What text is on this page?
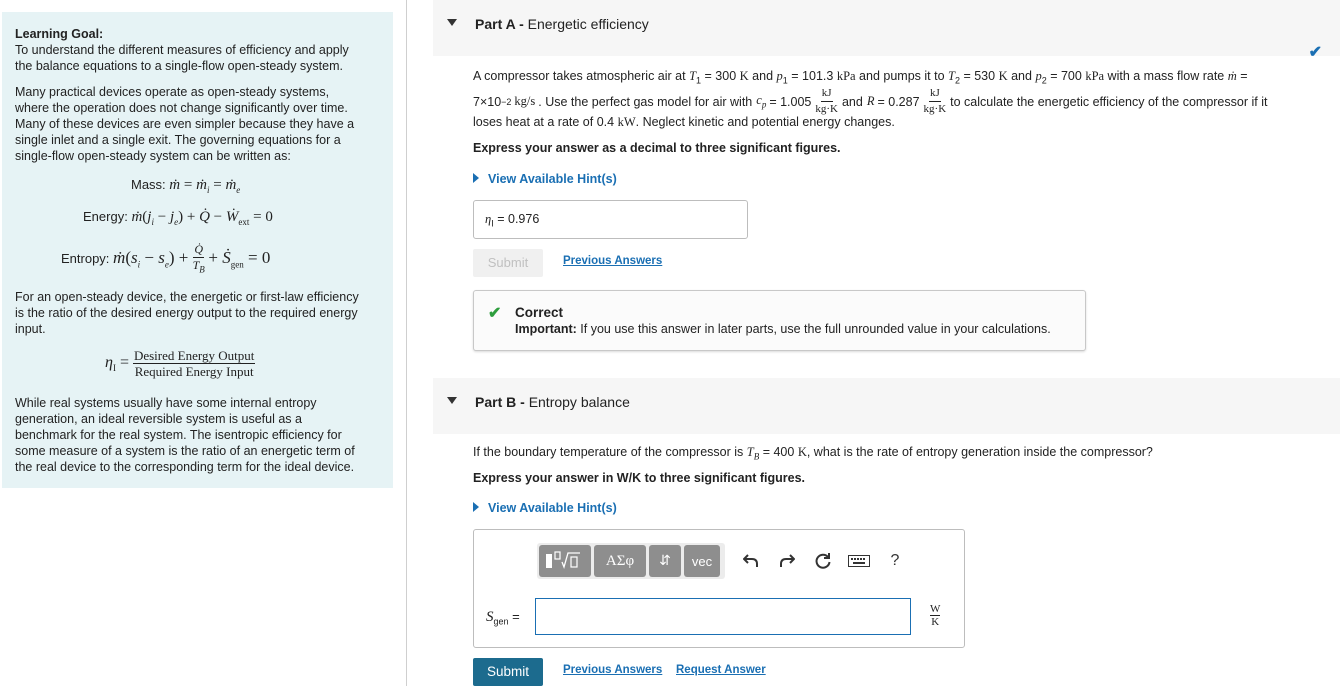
Learning Goal:
To understand the different measures of efficiency and apply
the balance equations to a single-flow open-steady system.
Many practical devices operate as open-steady systems,
where the operation does not change significantly over time.
Many of these devices are even simpler because they have a
single inlet and a single exit. The governing equations for a
single-flow open-steady system can be written as:
Mass: ṁ = ṁ$_i$ = ṁ$_e$
Energy: $ṁ(j_i - j_e)$ + Q̇ − Ẇ$_{ext}$ = 0
Entropy: $ṁ(s_i - s_e) + \frac{Q̇}{T_B}$ + Ṡ$_{gen}$ = 0
For an open-steady device, the energetic or first-law efficiency
is the ratio of the desired energy output to the required energy
input.
$\eta_I = \frac{\text{Desired Energy Output}}{\text{Required Energy Input}}$
While real systems usually have some internal entropy
generation, an ideal reversible system is useful as a
benchmark for the real system. The isentropic efficiency for
some measure of a system is the ratio of an energetic term of
the real device to the corresponding term for the ideal device.
Part A - Energetic efficiency
✔
A compressor takes atmospheric air at $T_1 = 300$ K and $p_1 = 101.3$ kPa and pumps it to $T_2 = 530$ K and $p_2 = 700$ kPa with a mass flow rate ṁ =
7×10 −2 kg/s . Use the perfect gas model for air with $c_p = 1.005 \frac{kJ}{kg\cdot K}$ and $R = 0.287 \frac{kJ}{kg\cdot K}$ to calculate the energetic efficiency of the compressor if it
loses heat at a rate of 0.4 kW. Neglect kinetic and potential energy changes.
Express your answer as a decimal to three significant figures.
View Available Hint(s)
$\eta_I = 0.976$
Submit	Previous Answers
✔ Correct
Important: If you use this answer in later parts, use the full unrounded value in your calculations.
Part B - Entropy balance
If the boundary temperature of the compressor is $T_B = 400$ K, what is the rate of entropy generation inside the compressor?
Express your answer in W/K to three significant figures.
View Available Hint(s)
ΑΣφ	⇵	vec	?
$S_{gen}$ =	$\frac{W}{K}$
Submit	Previous Answers Request Answer
